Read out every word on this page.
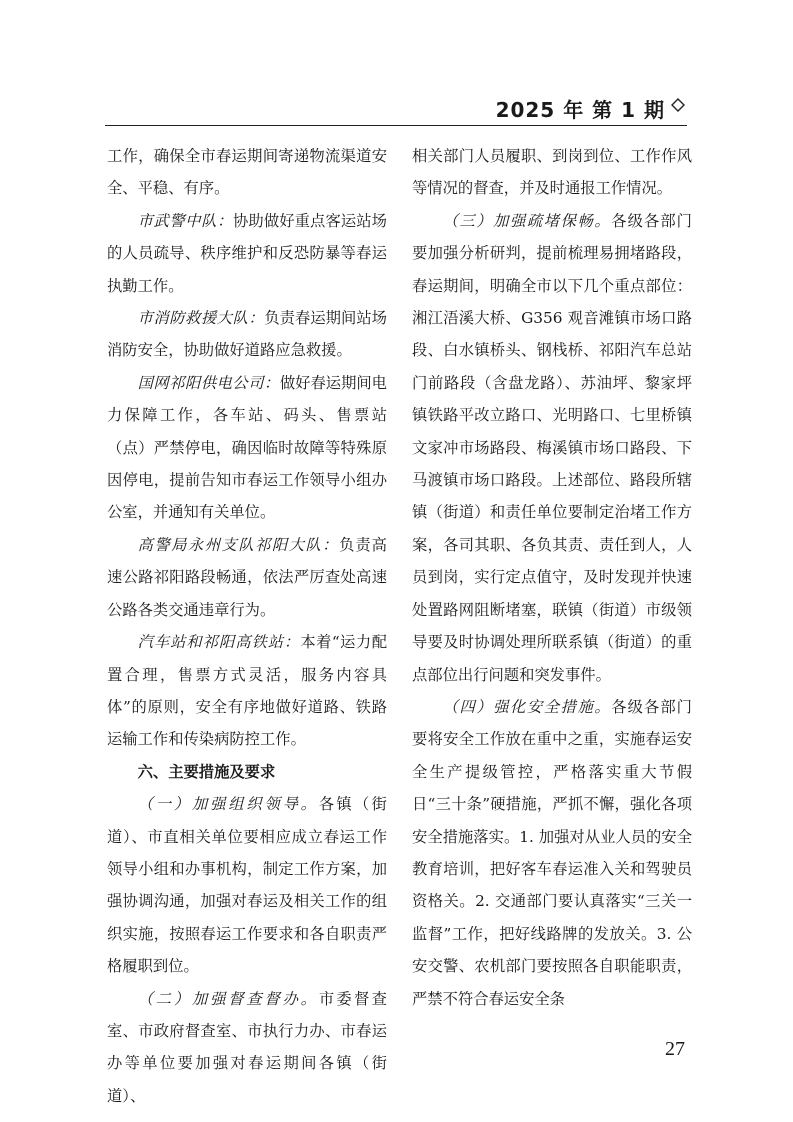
2025 年 第 1 期

工作，确保全市春运期间寄递物流渠道安全、平稳、有序。

市武警中队：协助做好重点客运站场的人员疏导、秩序维护和反恐防暴等春运执勤工作。

市消防救援大队：负责春运期间站场消防安全，协助做好道路应急救援。

国网祁阳供电公司：做好春运期间电力保障工作，各车站、码头、售票站（点）严禁停电，确因临时故障等特殊原因停电，提前告知市春运工作领导小组办公室，并通知有关单位。

高警局永州支队祁阳大队：负责高速公路祁阳路段畅通，依法严厉查处高速公路各类交通违章行为。

汽车站和祁阳高铁站：本着“运力配置合理，售票方式灵活，服务内容具体”的原则，安全有序地做好道路、铁路运输工作和传染病防控工作。

六、主要措施及要求

（一）加强组织领导。各镇（街道）、市直相关单位要相应成立春运工作领导小组和办事机构，制定工作方案，加强协调沟通，加强对春运及相关工作的组织实施，按照春运工作要求和各自职责严格履职到位。

（二）加强督查督办。市委督查室、市政府督查室、市执行力办、市春运办等单位要加强对春运期间各镇（街道）、

相关部门人员履职、到岗到位、工作作风等情况的督查，并及时通报工作情况。

（三）加强疏堵保畅。各级各部门要加强分析研判，提前梳理易拥堵路段，春运期间，明确全市以下几个重点部位：湘江浯溪大桥、G356 观音滩镇市场口路段、白水镇桥头、钢栈桥、祁阳汽车总站门前路段（含盘龙路）、苏油坪、黎家坪镇铁路平改立路口、光明路口、七里桥镇文家冲市场路段、梅溪镇市场口路段、下马渡镇市场口路段。上述部位、路段所辖镇（街道）和责任单位要制定治堵工作方案，各司其职、各负其责、责任到人，人员到岗，实行定点值守，及时发现并快速处置路网阻断堵塞，联镇（街道）市级领导要及时协调处理所联系镇（街道）的重点部位出行问题和突发事件。

（四）强化安全措施。各级各部门要将安全工作放在重中之重，实施春运安全生产提级管控，严格落实重大节假日“三十条”硬措施，严抓不懈，强化各项安全措施落实。1. 加强对从业人员的安全教育培训，把好客车春运准入关和驾驶员资格关。2. 交通部门要认真落实“三关一监督”工作，把好线路牌的发放关。3. 公安交警、农机部门要按照各自职能职责，严禁不符合春运安全条

27
